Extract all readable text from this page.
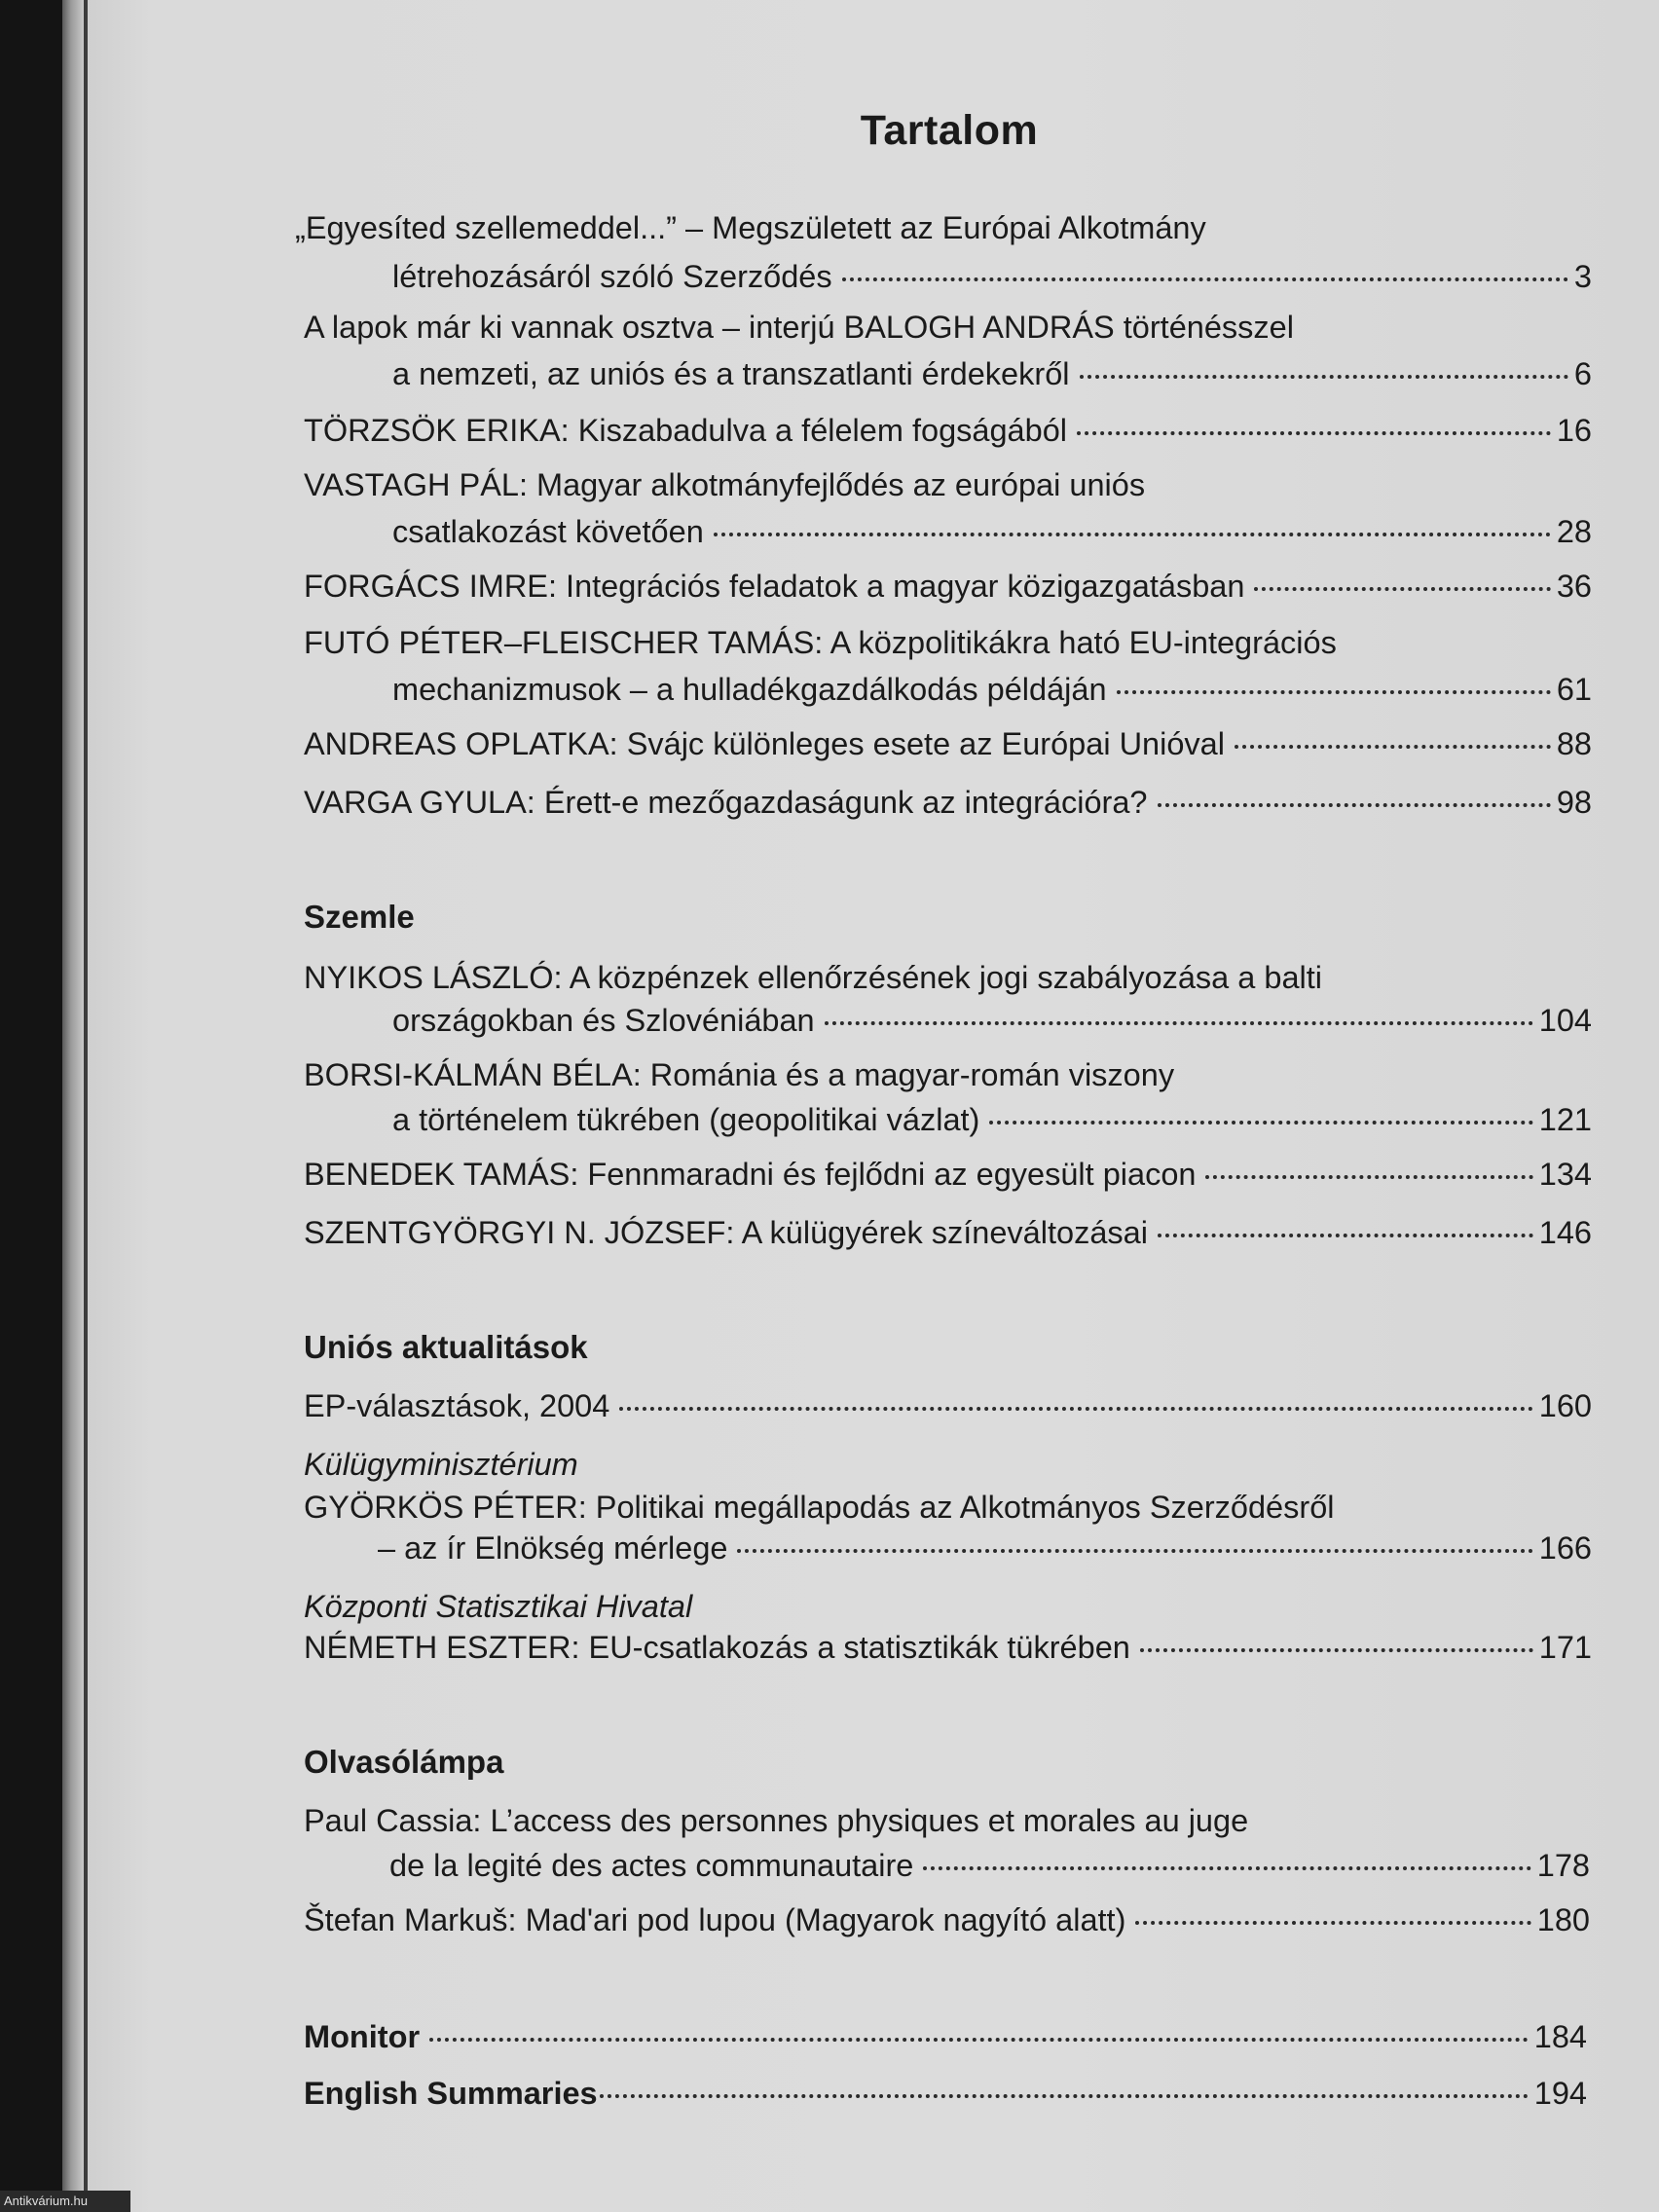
Tartalom
„Egyesíted szellemeddel...” – Megszületett az Európai Alkotmány
létrehozásáról szóló Szerződés	3
A lapok már ki vannak osztva – interjú BALOGH ANDRÁS történésszel
a nemzeti, az uniós és a transzatlanti érdekekről	6
TÖRZSÖK ERIKA: Kiszabadulva a félelem fogságából	16
VASTAGH PÁL: Magyar alkotmányfejlődés az európai uniós
csatlakozást követően	28
FORGÁCS IMRE: Integrációs feladatok a magyar közigazgatásban	36
FUTÓ PÉTER–FLEISCHER TAMÁS: A közpolitikákra ható EU-integrációs
mechanizmusok – a hulladékgazdálkodás példáján	61
ANDREAS OPLATKA: Svájc különleges esete az Európai Unióval	88
VARGA GYULA: Érett-e mezőgazdaságunk az integrációra?	98
Szemle
NYIKOS LÁSZLÓ: A közpénzek ellenőrzésének jogi szabályozása a balti
országokban és Szlovéniában	104
BORSI-KÁLMÁN BÉLA: Románia és a magyar-román viszony
a történelem tükrében (geopolitikai vázlat)	121
BENEDEK TAMÁS: Fennmaradni és fejlődni az egyesült piacon	134
SZENTGYÖRGYI N. JÓZSEF: A külügyérek színeváltozásai	146
Uniós aktualitások
EP-választások, 2004	160
Külügyminisztérium
GYÖRKÖS PÉTER: Politikai megállapodás az Alkotmányos Szerződésről
– az ír Elnökség mérlege	166
Központi Statisztikai Hivatal
NÉMETH ESZTER: EU-csatlakozás a statisztikák tükrében	171
Olvasólámpa
Paul Cassia: L’access des personnes physiques et morales au juge
de la legité des actes communautaire	178
Štefan Markuš: Mad'ari pod lupou (Magyarok nagyító alatt)	180
Monitor	184
English Summaries	194
Antikvárium.hu
